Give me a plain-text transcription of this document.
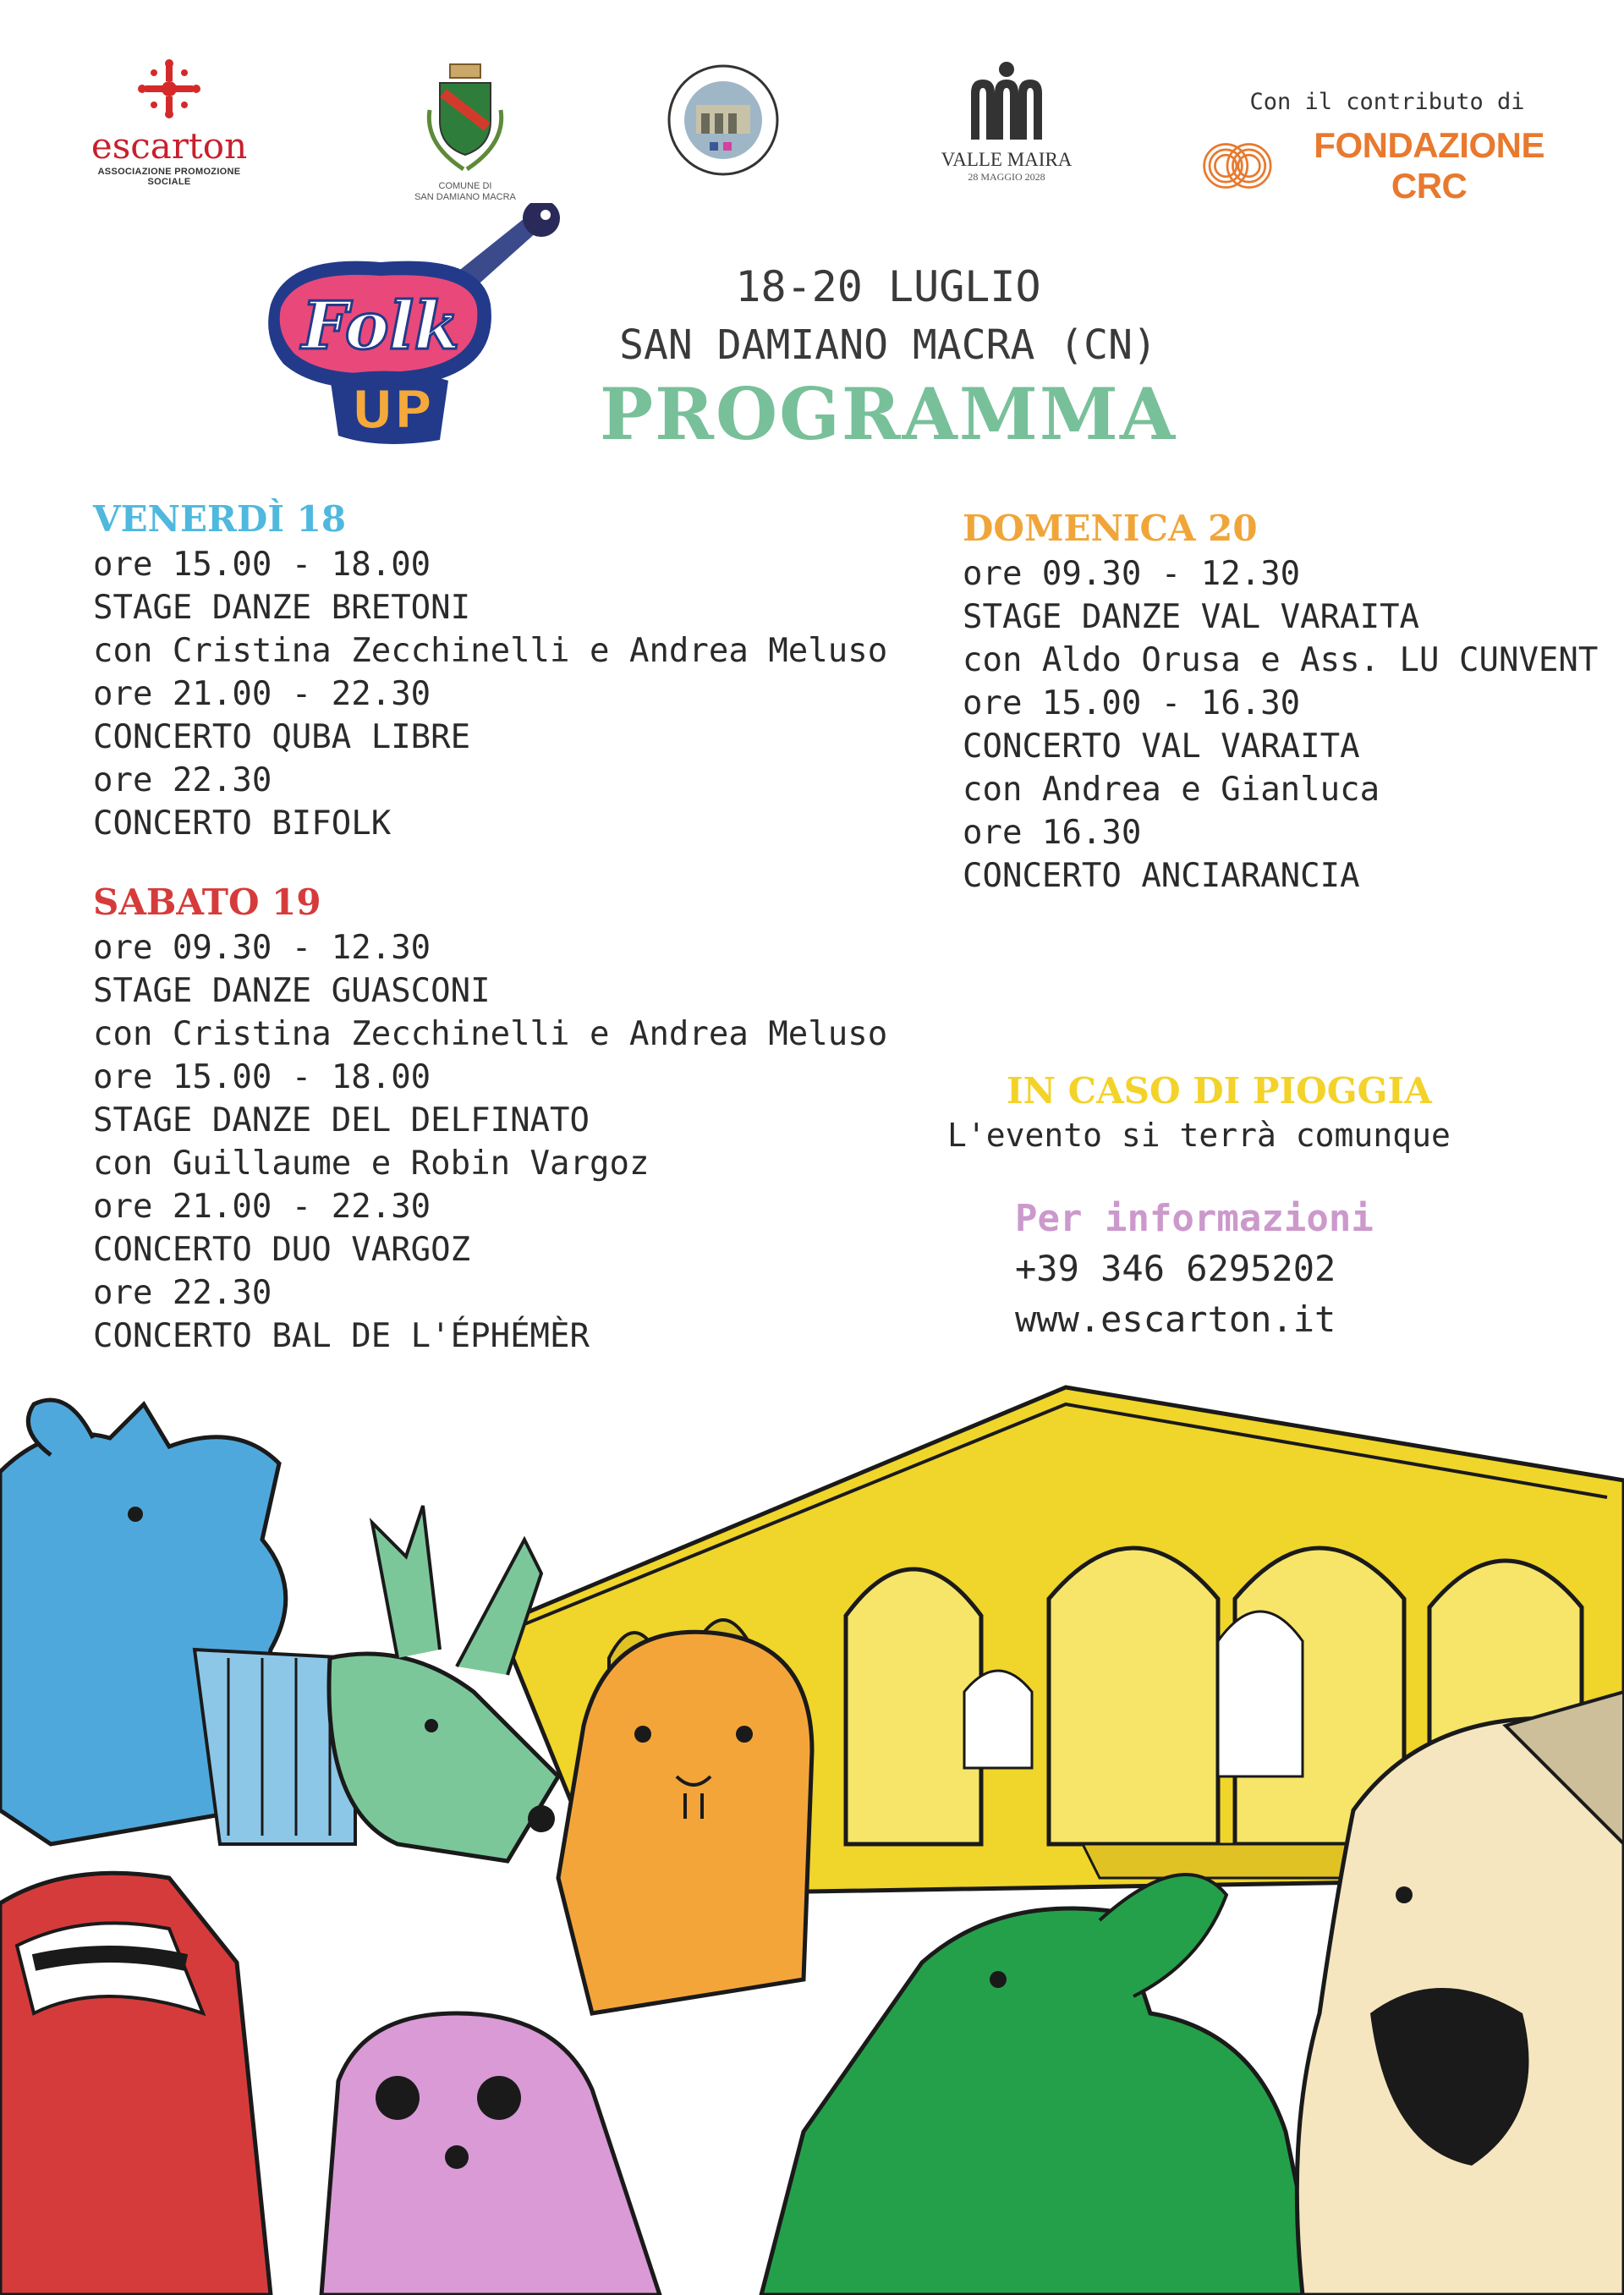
escarton
ASSOCIAZIONE PROMOZIONE SOCIALE	COMUNE DI
SAN DAMIANO MACRA
VALLE MAIRA
28 MAGGIO 2028
Con il contributo di
FONDAZIONE CRC
Folk
UP
18-20 LUGLIO
SAN DAMIANO MACRA (CN)
PROGRAMMA
VENERDÌ 18
ore 15.00 - 18.00
STAGE DANZE BRETONI
con Cristina Zecchinelli e Andrea Meluso
ore 21.00 - 22.30
CONCERTO QUBA LIBRE
ore 22.30
CONCERTO BIFOLK
SABATO 19
ore 09.30 - 12.30
STAGE DANZE GUASCONI
con Cristina Zecchinelli e Andrea Meluso
ore 15.00 - 18.00
STAGE DANZE DEL DELFINATO
con Guillaume e Robin Vargoz
ore 21.00 - 22.30
CONCERTO DUO VARGOZ
ore 22.30
CONCERTO BAL DE L'ÉPHÉMÈR
DOMENICA 20
ore 09.30 - 12.30
STAGE DANZE VAL VARAITA
con Aldo Orusa e Ass. LU CUNVENT
ore 15.00 - 16.30
CONCERTO VAL VARAITA
con Andrea e Gianluca
ore 16.30
CONCERTO ANCIARANCIA
IN CASO DI PIOGGIA
L'evento si terrà comunque
Per informazioni
+39 346 6295202
www.escarton.it
